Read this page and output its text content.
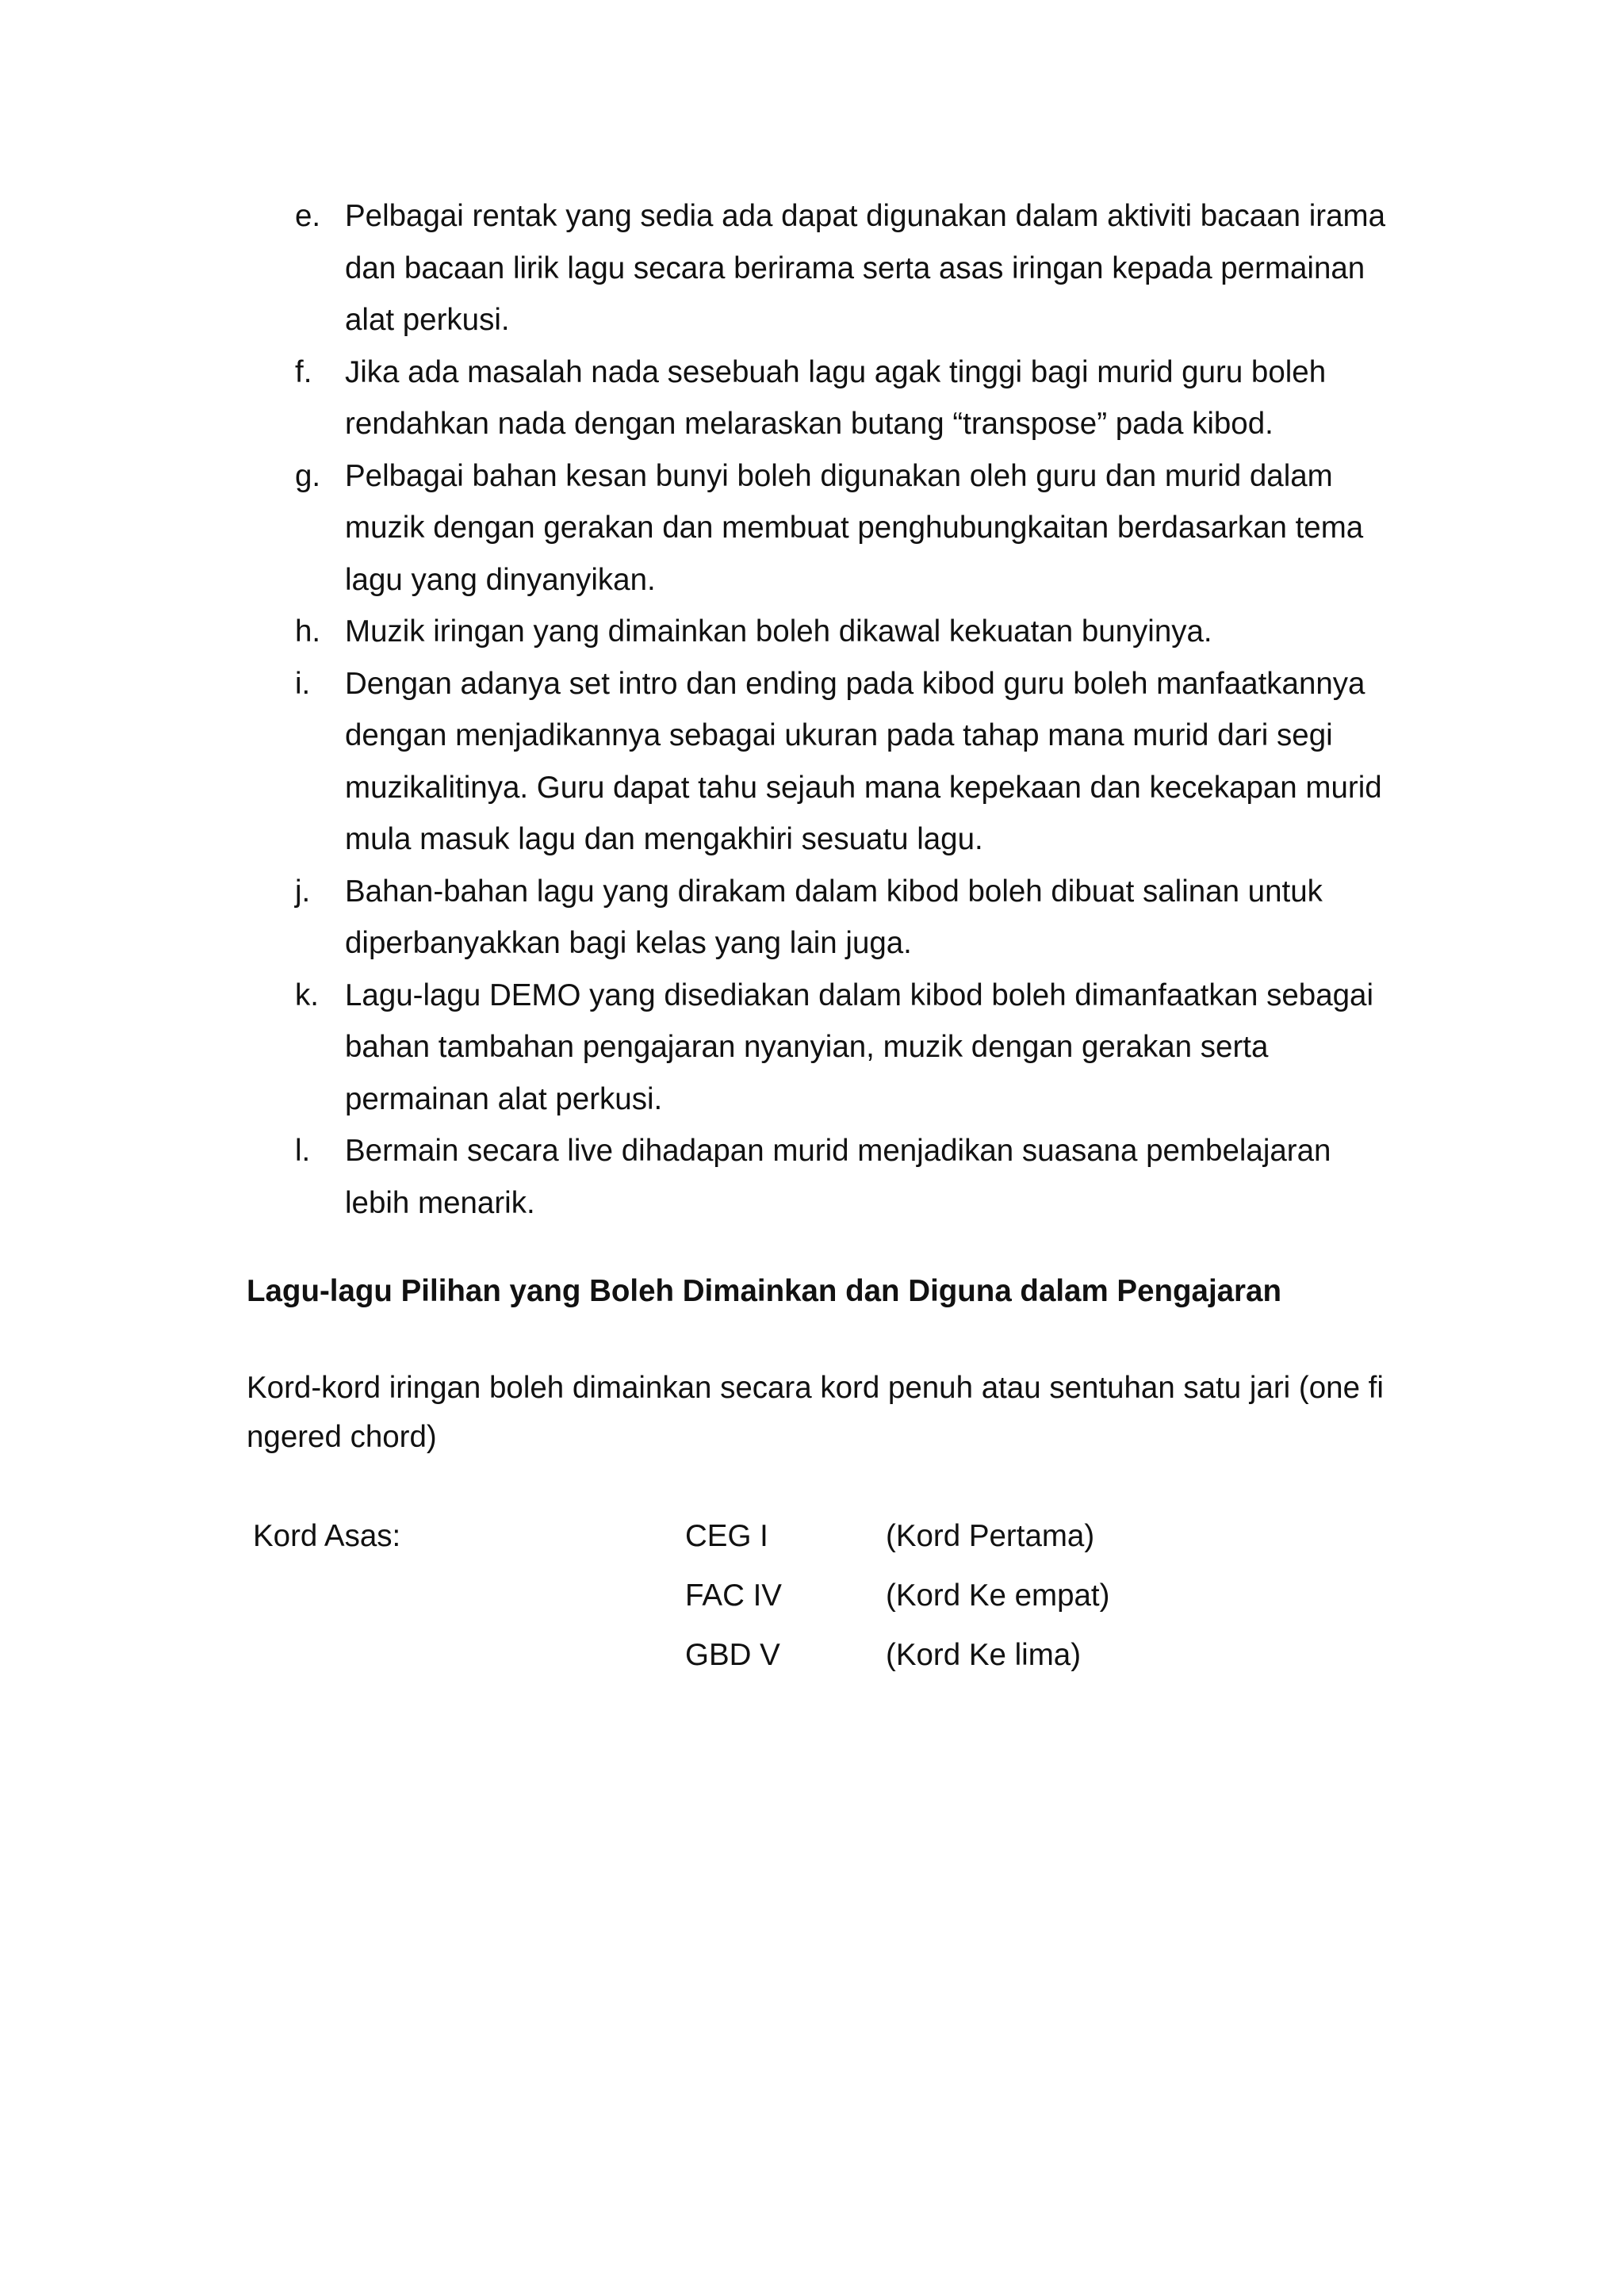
e. Pelbagai rentak yang sedia ada dapat digunakan dalam aktiviti bacaan irama dan bacaan lirik lagu secara berirama serta asas iringan kepada permainan alat perkusi.
f. Jika ada masalah nada sesebuah lagu agak tinggi bagi murid guru boleh rendahkan nada dengan melaraskan butang “transpose” pada kibod.
g. Pelbagai bahan kesan bunyi boleh digunakan oleh guru dan murid dalam muzik dengan gerakan dan membuat penghubungkaitan berdasarkan tema lagu yang dinyanyikan.
h. Muzik iringan yang dimainkan boleh dikawal kekuatan bunyinya.
i. Dengan adanya set intro dan ending pada kibod guru boleh manfaatkannya dengan menjadikannya sebagai ukuran pada tahap mana murid dari segi muzikalitinya. Guru dapat tahu sejauh mana kepekaan dan kecekapan murid mula masuk lagu dan mengakhiri sesuatu lagu.
j. Bahan-bahan lagu yang dirakam dalam kibod boleh dibuat salinan untuk diperbanyakkan bagi kelas yang lain juga.
k. Lagu-lagu DEMO yang disediakan dalam kibod boleh dimanfaatkan sebagai bahan tambahan pengajaran nyanyian, muzik dengan gerakan serta permainan alat perkusi.
l. Bermain secara live dihadapan murid menjadikan suasana pembelajaran lebih menarik.
Lagu-lagu Pilihan yang Boleh Dimainkan dan Diguna dalam Pengajaran
Kord-kord iringan boleh dimainkan secara kord penuh atau sentuhan satu jari (one fi
ngered chord)
Kord Asas:	CEG I	(Kord Pertama)
FAC IV	(Kord Ke empat)
GBD V	(Kord Ke lima)
